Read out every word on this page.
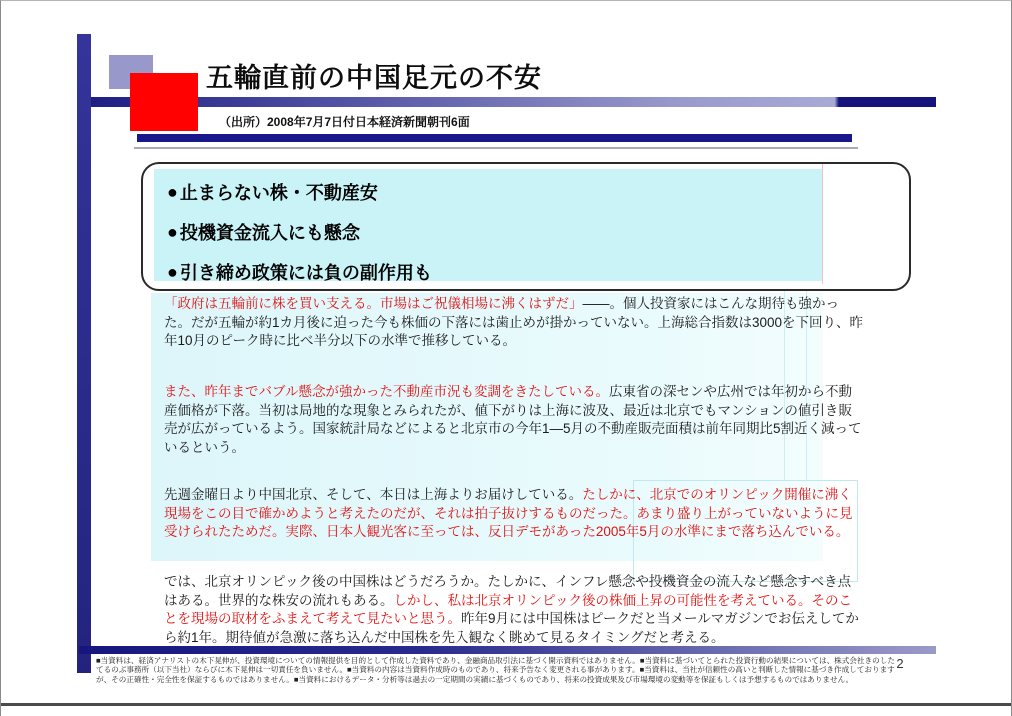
五輪直前の中国足元の不安
（出所）2008年7月7日付日本経済新聞朝刊6面
● 止まらない株・不動産安
● 投機資金流入にも懸念
● 引き締め政策には負の副作用も
「政府は五輪前に株を買い支える。市場はご祝儀相場に沸くはずだ」——。個人投資家にはこんな期待も強かった。だが五輪が約1カ月後に迫った今も株価の下落には歯止めが掛かっていない。上海総合指数は3000を下回り、昨年10月のピーク時に比べ半分以下の水準で推移している。
また、昨年までバブル懸念が強かった不動産市況も変調をきたしている。広東省の深センや広州では年初から不動産価格が下落。当初は局地的な現象とみられたが、値下がりは上海に波及、最近は北京でもマンションの値引き販売が広がっているよう。国家統計局などによると北京市の今年1—5月の不動産販売面積は前年同期比5割近く減っているという。
先週金曜日より中国北京、そして、本日は上海よりお届けしている。たしかに、北京でのオリンピック開催に沸く現場をこの目で確かめようと考えたのだが、それは拍子抜けするものだった。あまり盛り上がっていないように見受けられたためだ。実際、日本人観光客に至っては、反日デモがあった2005年5月の水準にまで落ち込んでいる。
では、北京オリンピック後の中国株はどうだろうか。たしかに、インフレ懸念や投機資金の流入など懸念すべき点はある。世界的な株安の流れもある。しかし、私は北京オリンピック後の株価上昇の可能性を考えている。そのことを現場の取材をふまえて考えて見たいと思う。昨年9月には中国株はピークだと当メールマガジンでお伝えしてから約1年。期待値が急激に落ち込んだ中国株を先入観なく眺めて見るタイミングだと考える。
■当資料は、経済アナリストの木下晃伸が、投資環境についての情報提供を目的として作成した資料であり、金融商品取引法に基づく開示資料ではありません。■当資料に基づいてとられた投資行動の結果については、株式会社きのした
てるのぶ事務所（以下当社）ならびに木下晃伸は一切責任を負いません。■当資料の内容は当資料作成時のものであり、将来予告なく変更される事があります。■当資料は、当社が信頼性の高いと判断した情報に基づき作成しております
が、その正確性・完全性を保証するものではありません。■当資料におけるデータ・分析等は過去の一定期間の実績に基づくものであり、将来の投資成果及び市場環境の変動等を保証もしくは予想するものではありません。
2
